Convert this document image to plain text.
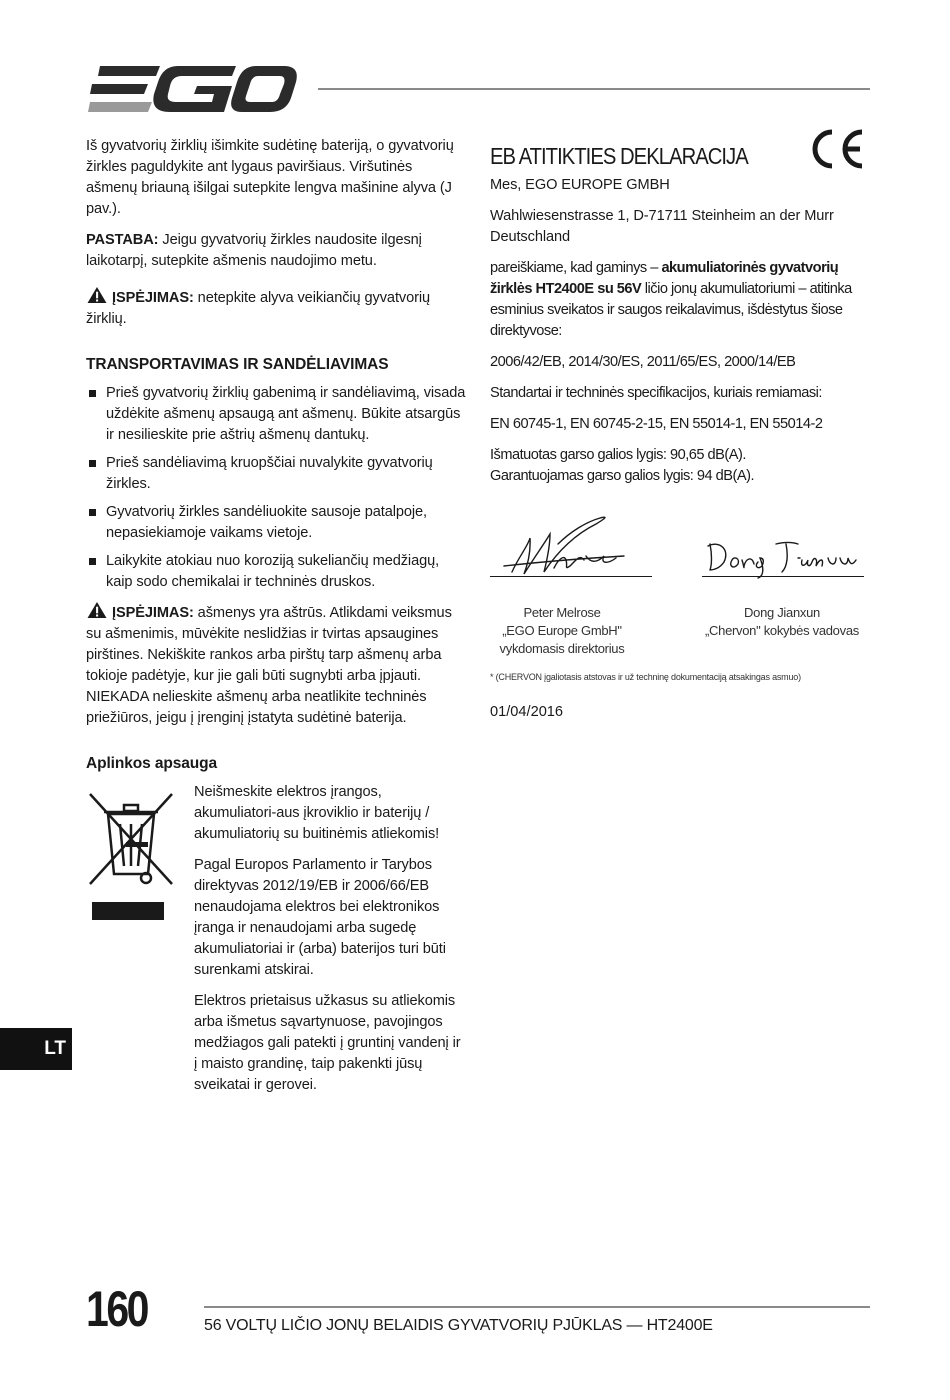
Iš gyvatvorių žirklių išimkite sudėtinę bateriją, o gyvatvorių žirkles paguldykite ant lygaus paviršiaus. Viršutinės ašmenų briauną išilgai sutepkite lengva mašinine alyva (J pav.).

PASTABA: Jeigu gyvatvorių žirkles naudosite ilgesnį laikotarpį, sutepkite ašmenis naudojimo metu.

ĮSPĖJIMAS: netepkite alyva veikiančių gyvatvorių žirklių.

TRANSPORTAVIMAS IR SANDĖLIAVIMAS
Prieš gyvatvorių žirklių gabenimą ir sandėliavimą, visada uždėkite ašmenų apsaugą ant ašmenų. Būkite atsargūs ir nesilieskite prie aštrių ašmenų dantukų.
Prieš sandėliavimą kruopščiai nuvalykite gyvatvorių žirkles.
Gyvatvorių žirkles sandėliuokite sausoje patalpoje, nepasiekiamoje vaikams vietoje.
Laikykite atokiau nuo koroziją sukeliančių medžiagų, kaip sodo chemikalai ir techninės druskos.

ĮSPĖJIMAS: ašmenys yra aštrūs. Atlikdami veiksmus su ašmenimis, mūvėkite neslidžias ir tvirtas apsaugines pirštines. Nekiškite rankos arba pirštų tarp ašmenų arba tokioje padėtyje, kur jie gali būti sugnybti arba įpjauti. NIEKADA nelieskite ašmenų arba neatlikite techninės priežiūros, jeigu į įrenginį įstatyta sudėtinė baterija.

Aplinkos apsauga

Neišmeskite elektros įrangos, akumuliatori-aus įkroviklio ir baterijų / akumuliatorių su buitinėmis atliekomis!

Pagal Europos Parlamento ir Tarybos direktyvas 2012/19/EB ir 2006/66/EB nenaudojama elektros bei elektronikos įranga ir nenaudojami arba sugedę akumuliatoriai ir (arba) baterijos turi būti surenkami atskirai.

Elektros prietaisus užkasus su atliekomis arba išmetus sąvartynuose, pavojingos medžiagos gali patekti į gruntinį vandenį ir į maisto grandinę, taip pakenkti jūsų sveikatai ir gerovei.

EB ATITIKTIES DEKLARACIJA

Mes, EGO EUROPE GMBH

Wahlwiesenstrasse 1, D-71711 Steinheim an der Murr Deutschland

pareiškiame, kad gaminys – akumuliatorinės gyvatvorių žirklės HT2400E su 56V ličio jonų akumuliatoriumi – atitinka esminius sveikatos ir saugos reikalavimus, išdėstytus šiose direktyvose:

2006/42/EB, 2014/30/ES, 2011/65/ES, 2000/14/EB

Standartai ir techninės specifikacijos, kuriais remiamasi:

EN 60745-1, EN 60745-2-15, EN 55014-1, EN 55014-2

Išmatuotas garso galios lygis: 90,65 dB(A).

Garantuojamas garso galios lygis: 94 dB(A).

Peter Melrose
„EGO Europe GmbH"
vykdomasis direktorius
Dong Jianxun
„Chervon" kokybės vadovas
* (CHERVON įgaliotasis atstovas ir už techninę dokumentaciją atsakingas asmuo)
01/04/2016
LT
160	56 VOLTŲ LIČIO JONŲ BELAIDIS GYVATVORIŲ PJŪKLAS — HT2400E
